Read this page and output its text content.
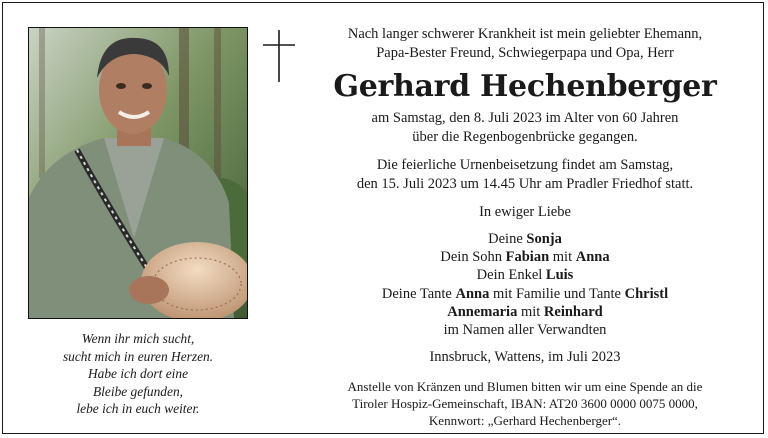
Wenn ihr mich sucht,
sucht mich in euren Herzen.
Habe ich dort eine
Bleibe gefunden,
lebe ich in euch weiter.

Nach langer schwerer Krankheit ist mein geliebter Ehemann,

Papa-Bester Freund, Schwiegerpapa und Opa, Herr

Gerhard Hechenberger

am Samstag, den 8. Juli 2023 im Alter von 60 Jahren

über die Regenbogenbrücke gegangen.

Die feierliche Urnenbeisetzung findet am Samstag,

den 15. Juli 2023 um 14.45 Uhr am Pradler Friedhof statt.

In ewiger Liebe

Deine Sonja

Dein Sohn Fabian mit Anna

Dein Enkel Luis

Deine Tante Anna mit Familie und Tante Christl

Annemaria mit Reinhard

im Namen aller Verwandten

Innsbruck, Wattens, im Juli 2023

Anstelle von Kränzen und Blumen bitten wir um eine Spende an die

Tiroler Hospiz-Gemeinschaft, IBAN: AT20 3600 0000 0075 0000,

Kennwort: „Gerhard Hechenberger“.
